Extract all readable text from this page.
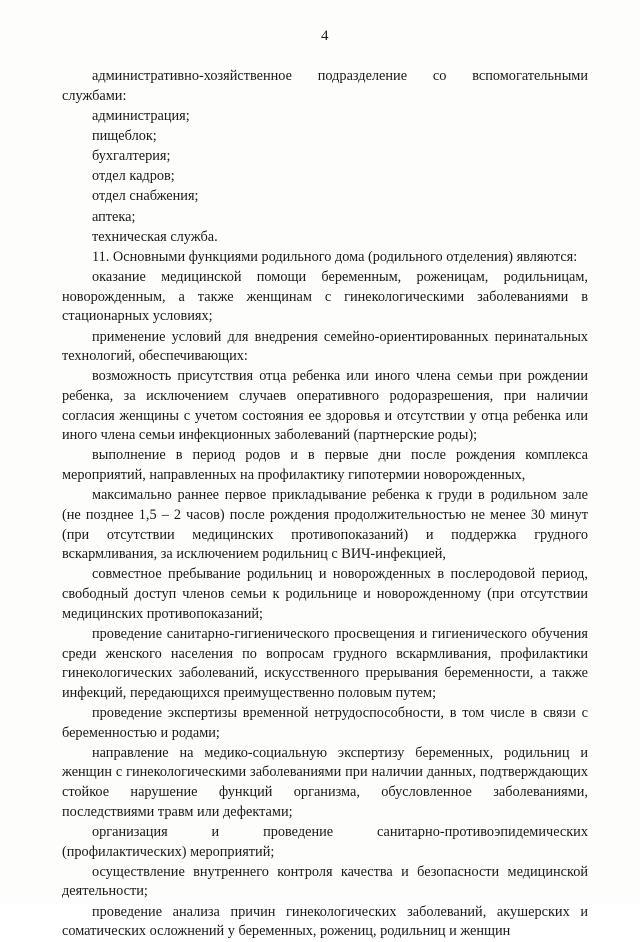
4

административно-хозяйственное подразделение со вспомогательными службами:

администрация;

пищеблок;

бухгалтерия;

отдел кадров;

отдел снабжения;

аптека;

техническая служба.

11. Основными функциями родильного дома (родильного отделения) являются:

оказание медицинской помощи беременным, роженицам, родильницам, новорожденным, а также женщинам с гинекологическими заболеваниями в стационарных условиях;

применение условий для внедрения семейно-ориентированных перинатальных технологий, обеспечивающих:

возможность присутствия отца ребенка или иного члена семьи при рождении ребенка, за исключением случаев оперативного родоразрешения, при наличии согласия женщины с учетом состояния ее здоровья и отсутствии у отца ребенка или иного члена семьи инфекционных заболеваний (партнерские роды);

выполнение в период родов и в первые дни после рождения комплекса мероприятий, направленных на профилактику гипотермии новорожденных,

максимально раннее первое прикладывание ребенка к груди в родильном зале (не позднее 1,5 – 2 часов) после рождения продолжительностью не менее 30 минут (при отсутствии медицинских противопоказаний) и поддержка грудного вскармливания, за исключением родильниц с ВИЧ-инфекцией,

совместное пребывание родильниц и новорожденных в послеродовой период, свободный доступ членов семьи к родильнице и новорожденному (при отсутствии медицинских противопоказаний;

проведение санитарно-гигиенического просвещения и гигиенического обучения среди женского населения по вопросам грудного вскармливания, профилактики гинекологических заболеваний, искусственного прерывания беременности, а также инфекций, передающихся преимущественно половым путем;

проведение экспертизы временной нетрудоспособности, в том числе в связи с беременностью и родами;

направление на медико-социальную экспертизу беременных, родильниц и женщин с гинекологическими заболеваниями при наличии данных, подтверждающих стойкое нарушение функций организма, обусловленное заболеваниями, последствиями травм или дефектами;

организация и проведение санитарно-противоэпидемических (профилактических) мероприятий;

осуществление внутреннего контроля качества и безопасности медицинской деятельности;

проведение анализа причин гинекологических заболеваний, акушерских и соматических осложнений у беременных, рожениц, родильниц и женщин
